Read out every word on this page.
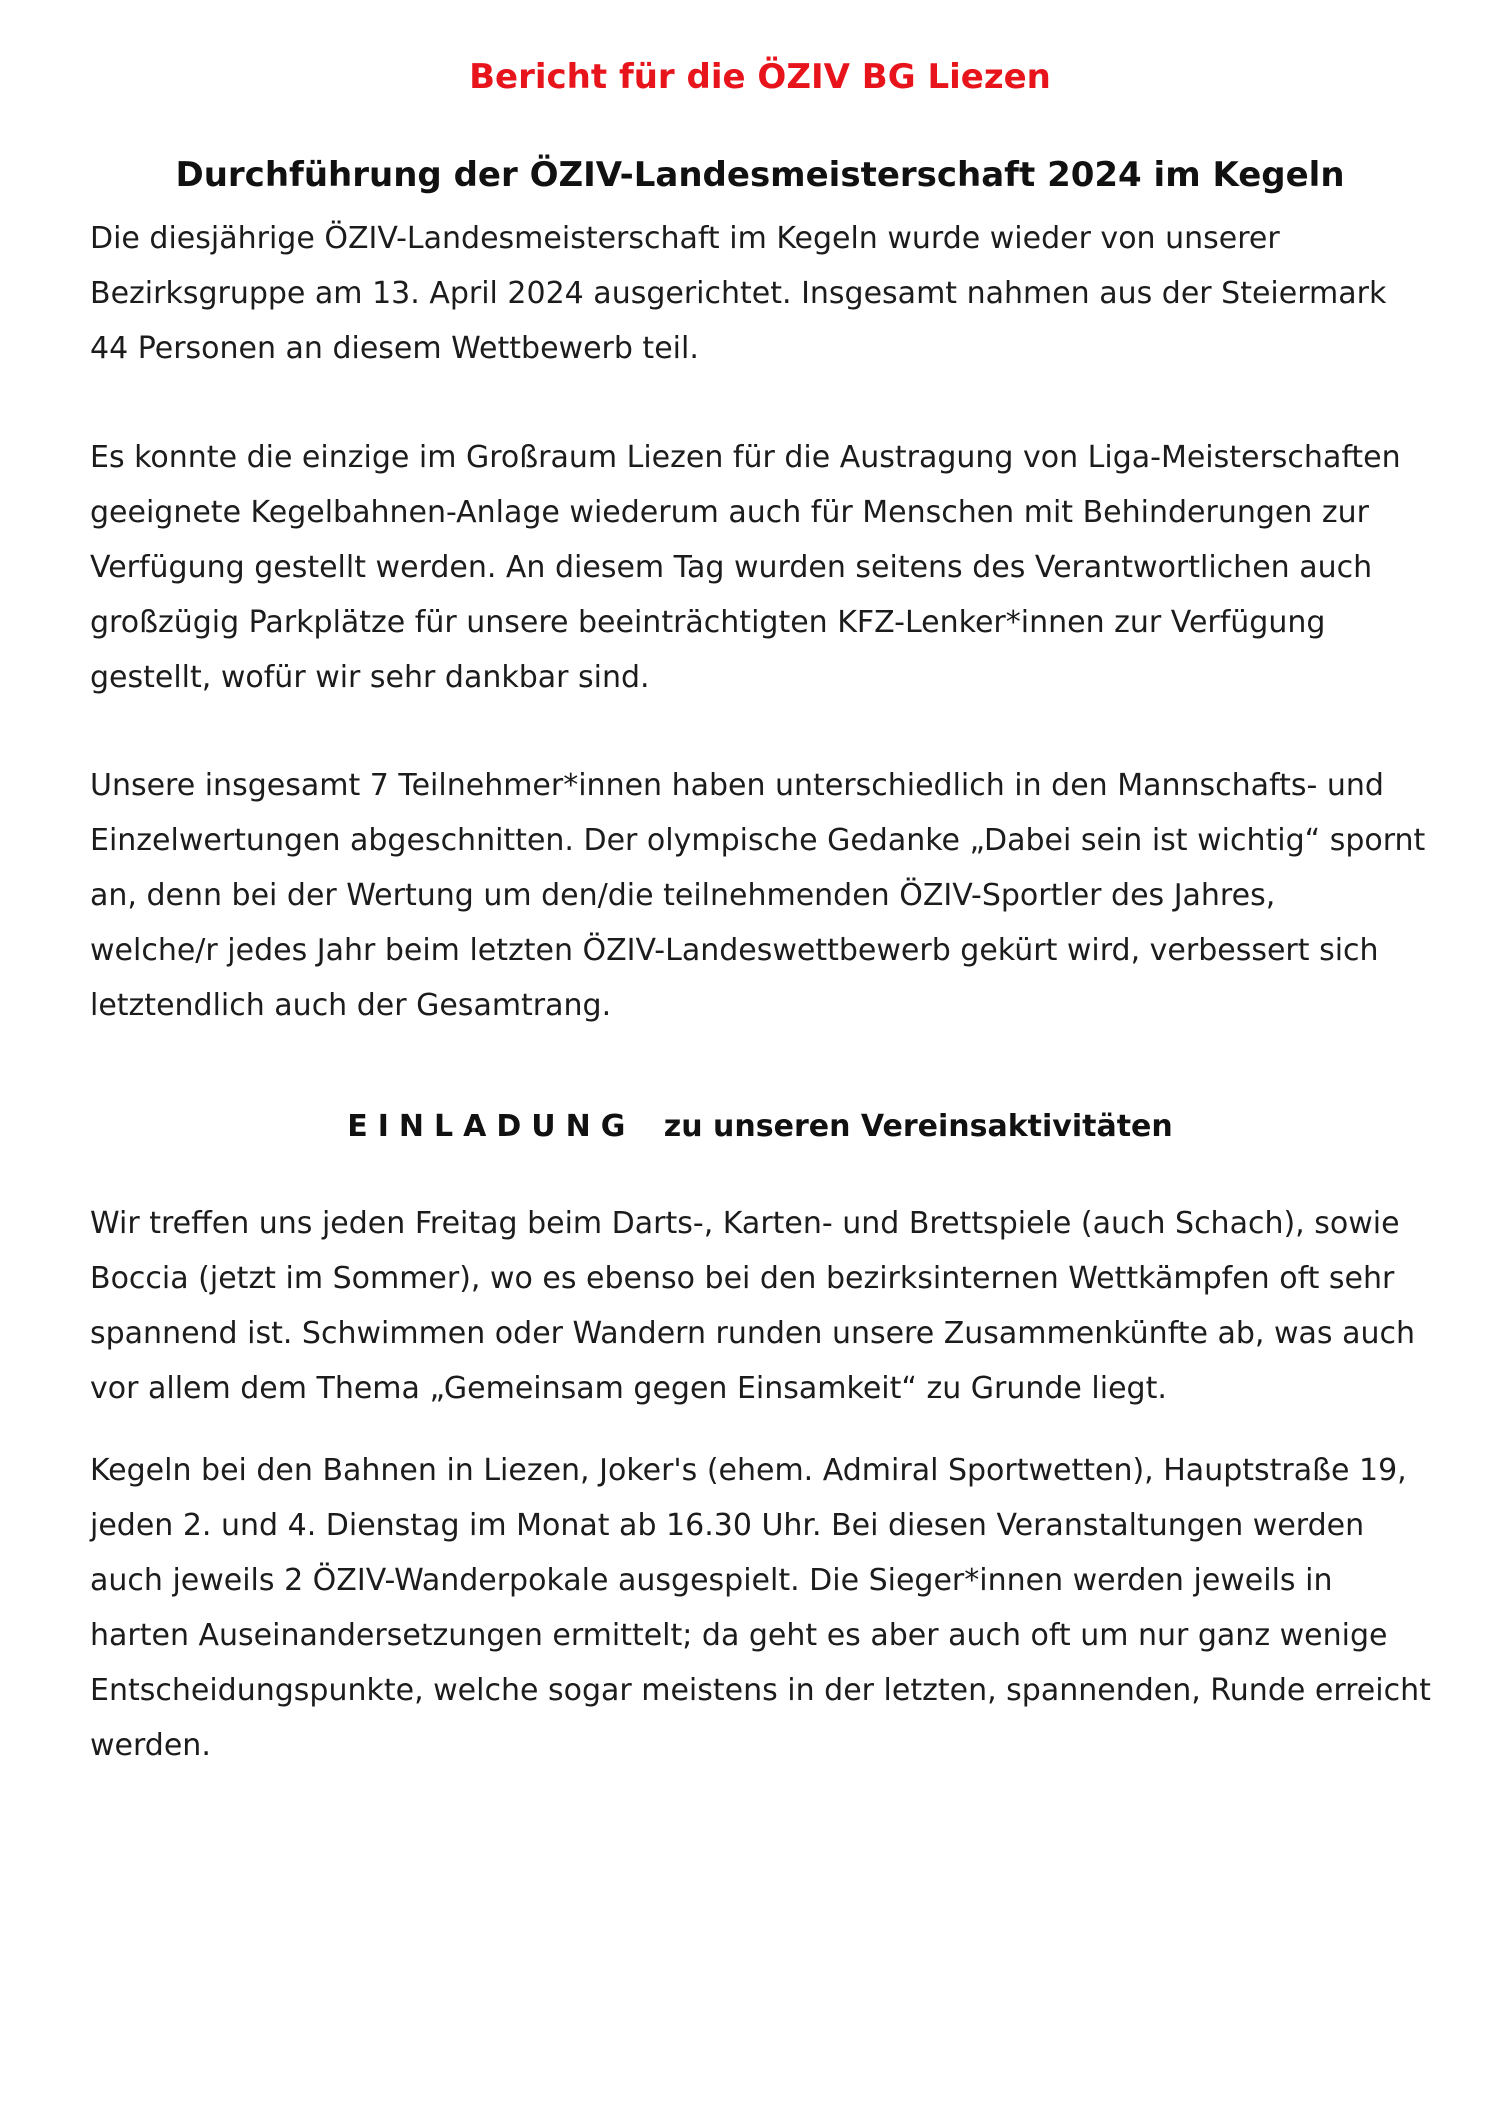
Bericht für die ÖZIV BG Liezen
Durchführung der ÖZIV-Landesmeisterschaft 2024 im Kegeln

Die diesjährige ÖZIV-Landesmeisterschaft im Kegeln wurde wieder von unserer
Bezirksgruppe am 13. April 2024 ausgerichtet. Insgesamt nahmen aus der Steiermark
44 Personen an diesem Wettbewerb teil.

Es konnte die einzige im Großraum Liezen für die Austragung von Liga-Meisterschaften
geeignete Kegelbahnen-Anlage wiederum auch für Menschen mit Behinderungen zur
Verfügung gestellt werden. An diesem Tag wurden seitens des Verantwortlichen auch
großzügig Parkplätze für unsere beeinträchtigten KFZ-Lenker*innen zur Verfügung
gestellt, wofür wir sehr dankbar sind.

Unsere insgesamt 7 Teilnehmer*innen haben unterschiedlich in den Mannschafts- und
Einzelwertungen abgeschnitten. Der olympische Gedanke „Dabei sein ist wichtig“ spornt
an, denn bei der Wertung um den/die teilnehmenden ÖZIV-Sportler des Jahres,
welche/r jedes Jahr beim letzten ÖZIV-Landeswettbewerb gekürt wird, verbessert sich
letztendlich auch der Gesamtrang.

EINLADUNG zu unseren Vereinsaktivitäten

Wir treffen uns jeden Freitag beim Darts-, Karten- und Brettspiele (auch Schach), sowie
Boccia (jetzt im Sommer), wo es ebenso bei den bezirksinternen Wettkämpfen oft sehr
spannend ist. Schwimmen oder Wandern runden unsere Zusammenkünfte ab, was auch
vor allem dem Thema „Gemeinsam gegen Einsamkeit“ zu Grunde liegt.

Kegeln bei den Bahnen in Liezen, Joker's (ehem. Admiral Sportwetten), Hauptstraße 19,
jeden 2. und 4. Dienstag im Monat ab 16.30 Uhr. Bei diesen Veranstaltungen werden
auch jeweils 2 ÖZIV-Wanderpokale ausgespielt. Die Sieger*innen werden jeweils in
harten Auseinandersetzungen ermittelt; da geht es aber auch oft um nur ganz wenige
Entscheidungspunkte, welche sogar meistens in der letzten, spannenden, Runde erreicht
werden.
